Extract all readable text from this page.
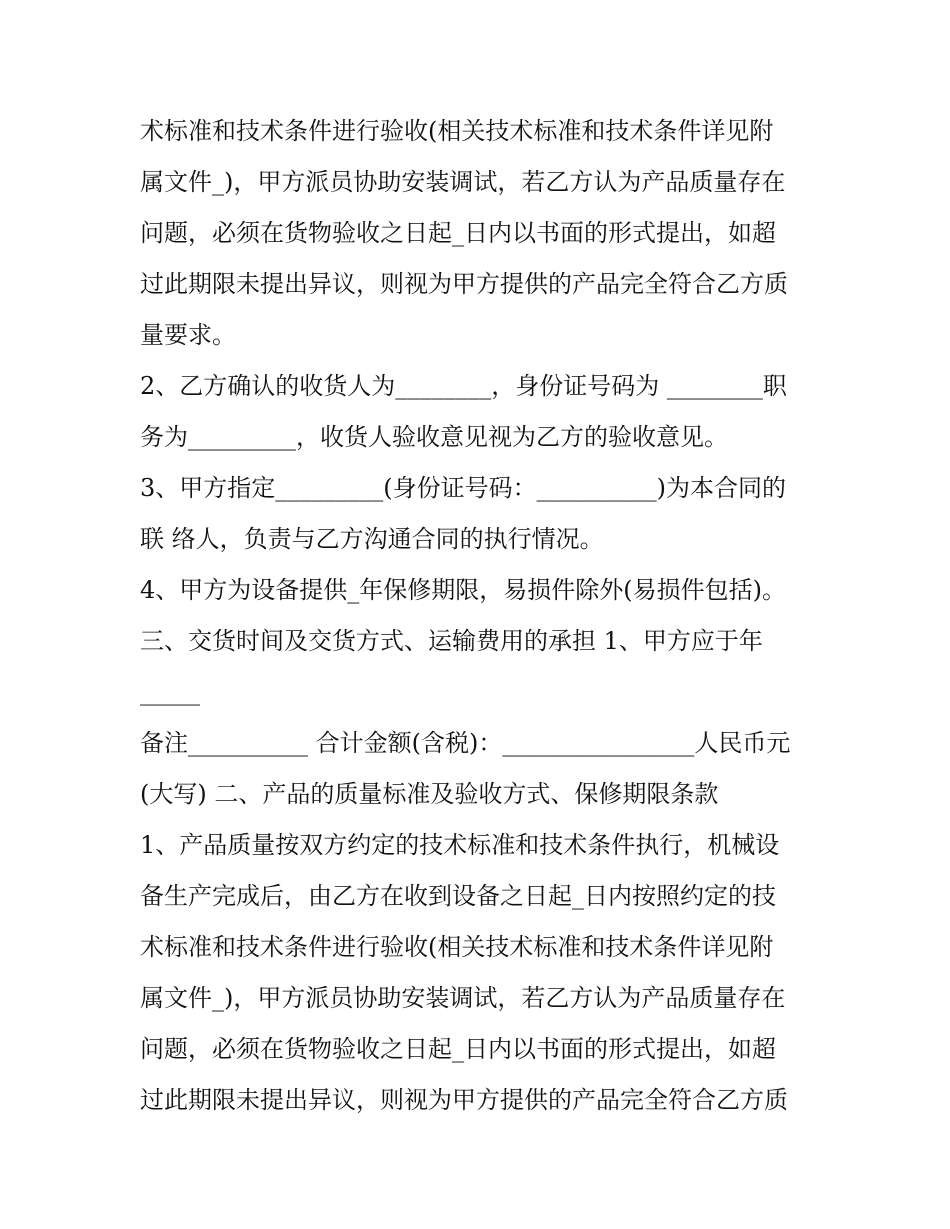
术标准和技术条件进行验收(相关技术标准和技术条件详见附
属文件_)，甲方派员协助安装调试，若乙方认为产品质量存在
问题，必须在货物验收之日起_日内以书面的形式提出，如超
过此期限未提出异议，则视为甲方提供的产品完全符合乙方质
量要求。
2、乙方确认的收货人为________，身份证号码为 ________职
务为_________，收货人验收意见视为乙方的验收意见。
3、甲方指定_________(身份证号码：__________)为本合同的
联 络人，负责与乙方沟通合同的执行情况。
4、甲方为设备提供_年保修期限，易损件除外(易损件包括)。
三、交货时间及交货方式、运输费用的承担 1、甲方应于年
_____
备注__________ 合计金额(含税)：________________人民币元
(大写) 二、产品的质量标准及验收方式、保修期限条款
1、产品质量按双方约定的技术标准和技术条件执行，机械设
备生产完成后，由乙方在收到设备之日起_日内按照约定的技
术标准和技术条件进行验收(相关技术标准和技术条件详见附
属文件_)，甲方派员协助安装调试，若乙方认为产品质量存在
问题，必须在货物验收之日起_日内以书面的形式提出，如超
过此期限未提出异议，则视为甲方提供的产品完全符合乙方质
